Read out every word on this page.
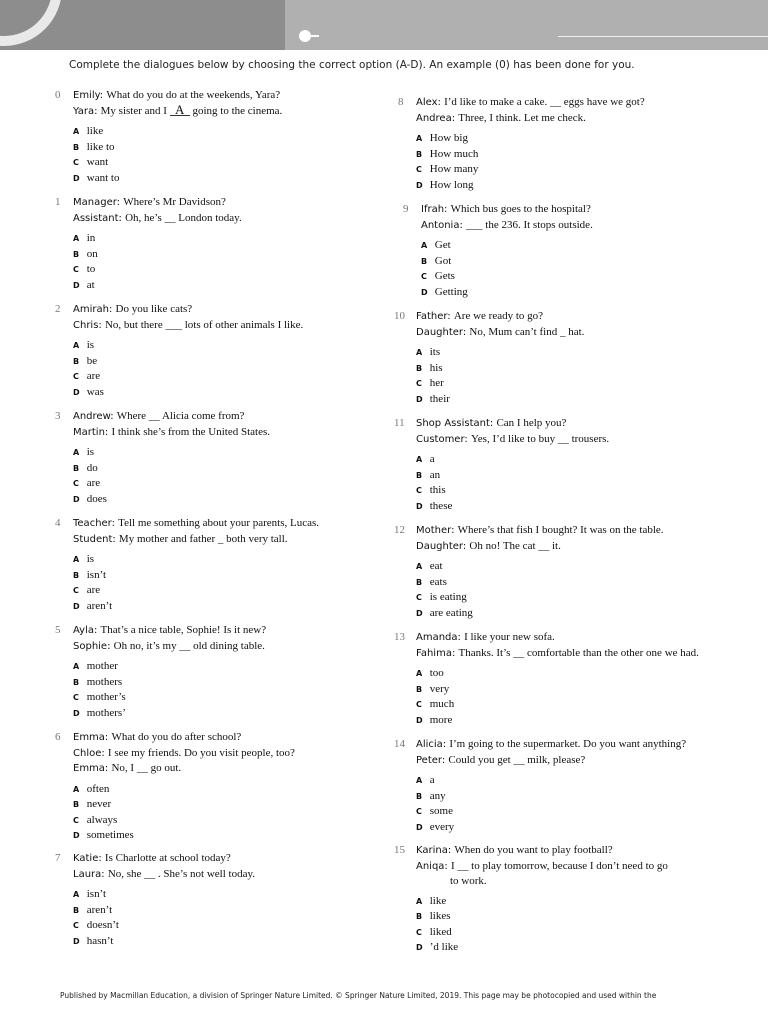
Complete the dialogues below by choosing the correct option (A-D). An example (0) has been done for you.
0 Emily: What do you do at the weekends, Yara?
Yara: My sister and I A going to the cinema.
A like
B like to
C want
D want to
1 Manager: Where’s Mr Davidson?
Assistant: Oh, he’s __ London today.
A in
B on
C to
D at
2 Amirah: Do you like cats?
Chris: No, but there ___ lots of other animals I like.
A is
B be
C are
D was
3 Andrew: Where __ Alicia come from?
Martin: I think she’s from the United States.
A is
B do
C are
D does
4 Teacher: Tell me something about your parents, Lucas.
Student: My mother and father _ both very tall.
A is
B isn’t
C are
D aren’t
5 Ayla: That’s a nice table, Sophie! Is it new?
Sophie: Oh no, it’s my __ old dining table.
A mother
B mothers
C mother’s
D mothers’
6 Emma: What do you do after school?
Chloe: I see my friends. Do you visit people, too?
Emma: No, I __ go out.
A often
B never
C always
D sometimes
7 Katie: Is Charlotte at school today?
Laura: No, she __ . She’s not well today.
A isn’t
B aren’t
C doesn’t
D hasn’t
8 Alex: I’d like to make a cake. __ eggs have we got?
Andrea: Three, I think. Let me check.
A How big
B How much
C How many
D How long
9 Ifrah: Which bus goes to the hospital?
Antonia: ___ the 236. It stops outside.
A Get
B Got
C Gets
D Getting
10 Father: Are we ready to go?
Daughter: No, Mum can’t find _ hat.
A its
B his
C her
D their
11 Shop Assistant: Can I help you?
Customer: Yes, I’d like to buy __ trousers.
A a
B an
C this
D these
12 Mother: Where’s that fish I bought? It was on the table.
Daughter: Oh no! The cat __ it.
A eat
B eats
C is eating
D are eating
13 Amanda: I like your new sofa.
Fahima: Thanks. It’s __ comfortable than the other one we had.
A too
B very
C much
D more
14 Alicia: I’m going to the supermarket. Do you want anything?
Peter: Could you get __ milk, please?
A a
B any
C some
D every
15 Karina: When do you want to play football?
Aniqa: I __ to play tomorrow, because I don’t need to go
to work.
A like
B likes
C liked
D ’d like
Published by Macmillan Education, a division of Springer Nature Limited. © Springer Nature Limited, 2019. This page may be photocopied and used within the
